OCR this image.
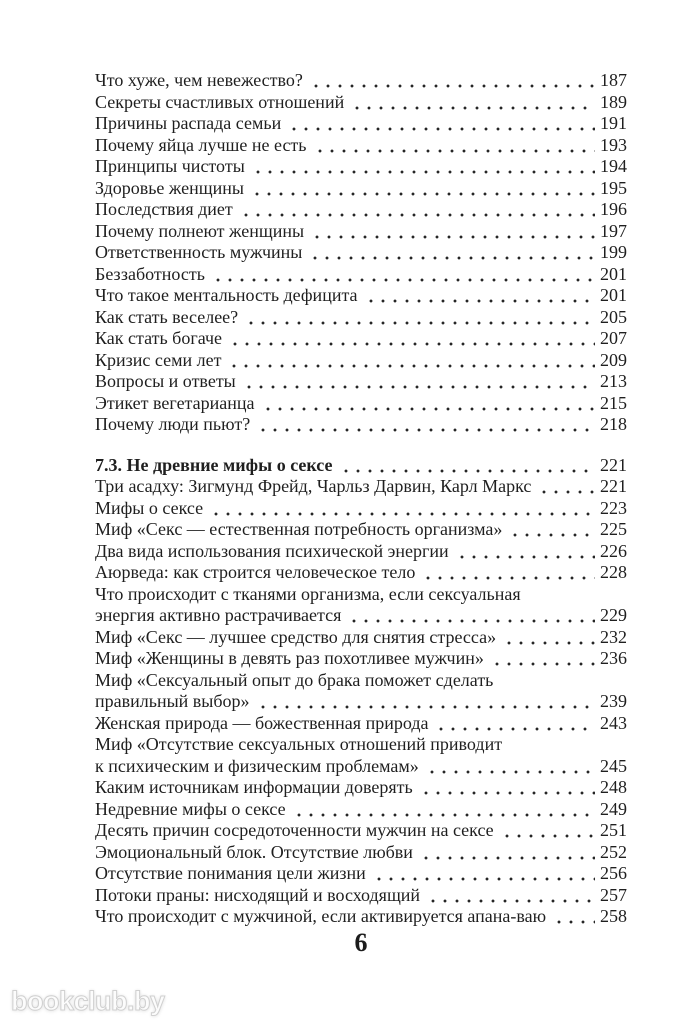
Что хуже, чем невежество?	187
Секреты счастливых отношений	189
Причины распада семьи	191
Почему яйца лучше не есть	193
Принципы чистоты	194
Здоровье женщины	195
Последствия диет	196
Почему полнеют женщины	197
Ответственность мужчины	199
Беззаботность	201
Что такое ментальность дефицита	201
Как стать веселее?	205
Как стать богаче	207
Кризис семи лет	209
Вопросы и ответы	213
Этикет вегетарианца	215
Почему люди пьют?	218
7.3. Не древние мифы о сексе	221
Три асадху: Зигмунд Фрейд, Чарльз Дарвин, Карл Маркс	221
Мифы о сексе	223
Миф «Секс — естественная потребность организма»	225
Два вида использования психической энергии	226
Аюрведа: как строится человеческое тело	228
Что происходит с тканями организма, если сексуальная
энергия активно растрачивается	229
Миф «Секс — лучшее средство для снятия стресса»	232
Миф «Женщины в девять раз похотливее мужчин»	236
Миф «Сексуальный опыт до брака поможет сделать
правильный выбор»	239
Женская природа — божественная природа	243
Миф «Отсутствие сексуальных отношений приводит
к психическим и физическим проблемам»	245
Каким источникам информации доверять	248
Недревние мифы о сексе	249
Десять причин сосредоточенности мужчин на сексе	251
Эмоциональный блок. Отсутствие любви	252
Отсутствие понимания цели жизни	256
Потоки праны: нисходящий и восходящий	257
Что происходит с мужчиной, если активируется апана-ваю	258
6
bookclub.by
